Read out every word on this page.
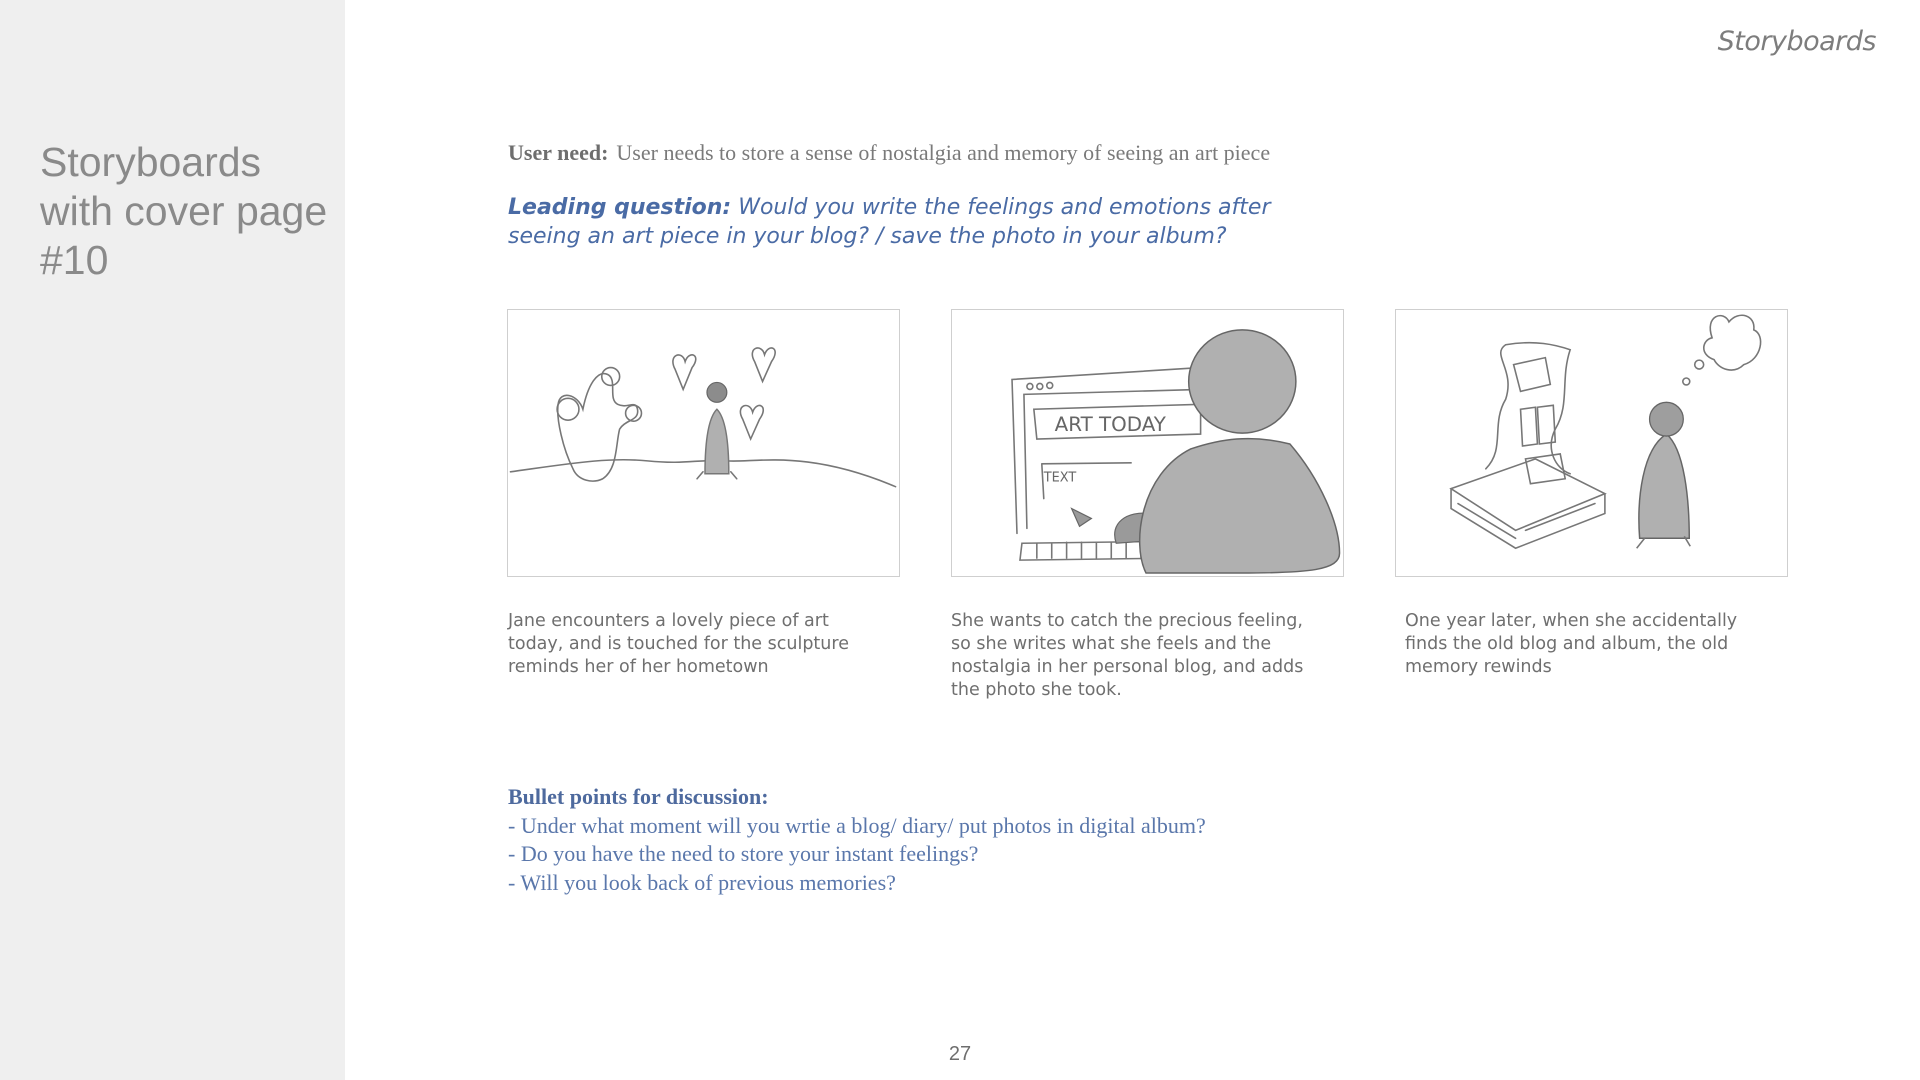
Storyboards with cover page #10
Storyboards
User need: User needs to store a sense of nostalgia and memory of seeing an art piece
Leading question: Would you write the feelings and emotions after seeing an art piece in your blog? / save the photo in your album?
ART TODAY
TEXT
Jane encounters a lovely piece of art today, and is touched for the sculpture reminds her of her hometown
She wants to catch the precious feeling, so she writes what she feels and the nostalgia in her personal blog, and adds the photo she took.
One year later, when she accidentally finds the old blog and album, the old memory rewinds
Bullet points for discussion:
- Under what moment will you wrtie a blog/ diary/ put photos in digital album?
- Do you have the need to store your instant feelings?
- Will you look back of previous memories?
27
